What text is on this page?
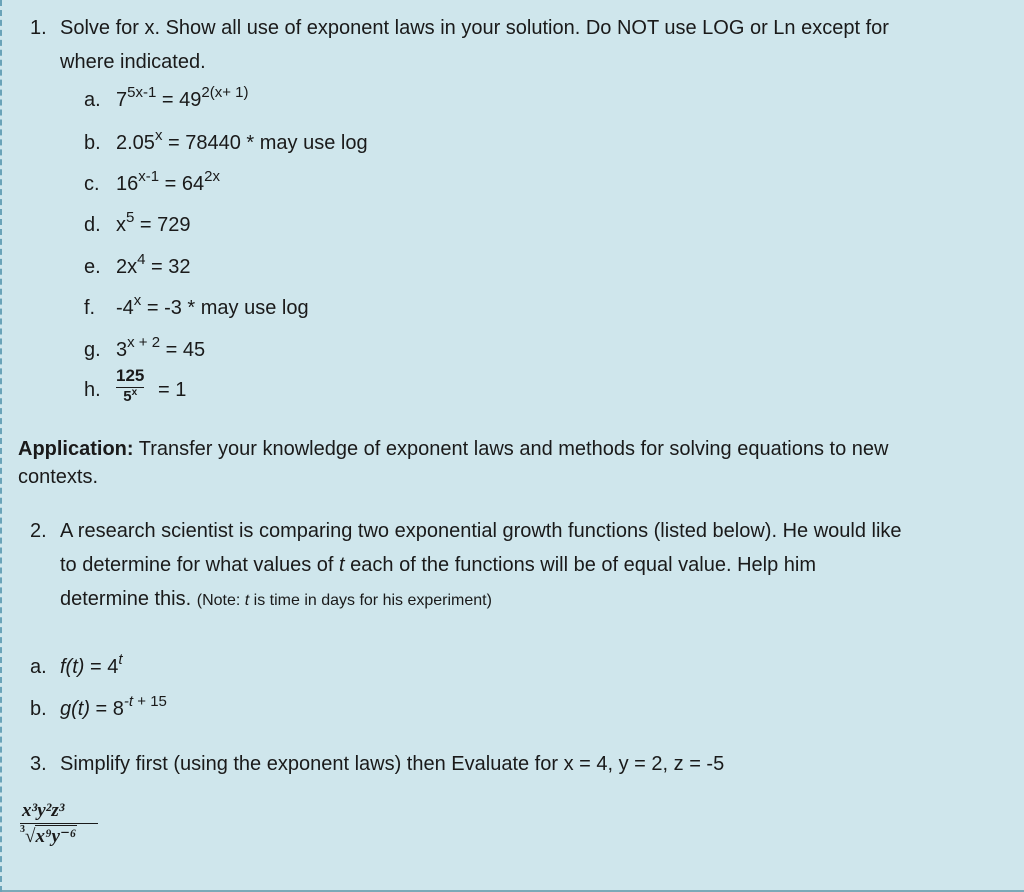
1. Solve for x. Show all use of exponent laws in your solution. Do NOT use LOG or Ln except for
where indicated.
a. $7^{5x-1} = 49^{2(x+ 1)}$
b. $2.05^x = 78440$ * may use log
c. $16^{x-1} = 64^{2x}$
d. $x^5 = 729$
e. $2x^4 = 32$
f. $-4^x = -3$ * may use log
g. $3^{x + 2} = 45$
h.
125
$5^x$	= 1
Application: Transfer your knowledge of exponent laws and methods for solving equations to new
contexts.
2. A research scientist is comparing two exponential growth functions (listed below). He would like
to determine for what values of t each of the functions will be of equal value. Help him
determine this. (Note: t is time in days for his experiment)
a. $f(t) = 4^t$
b. $g(t) = 8^{-t + 15}$
3. Simplify first (using the exponent laws) then Evaluate for x = 4, y = 2, z = -5
x³y²z³
$^3$√x⁹y⁻⁶
